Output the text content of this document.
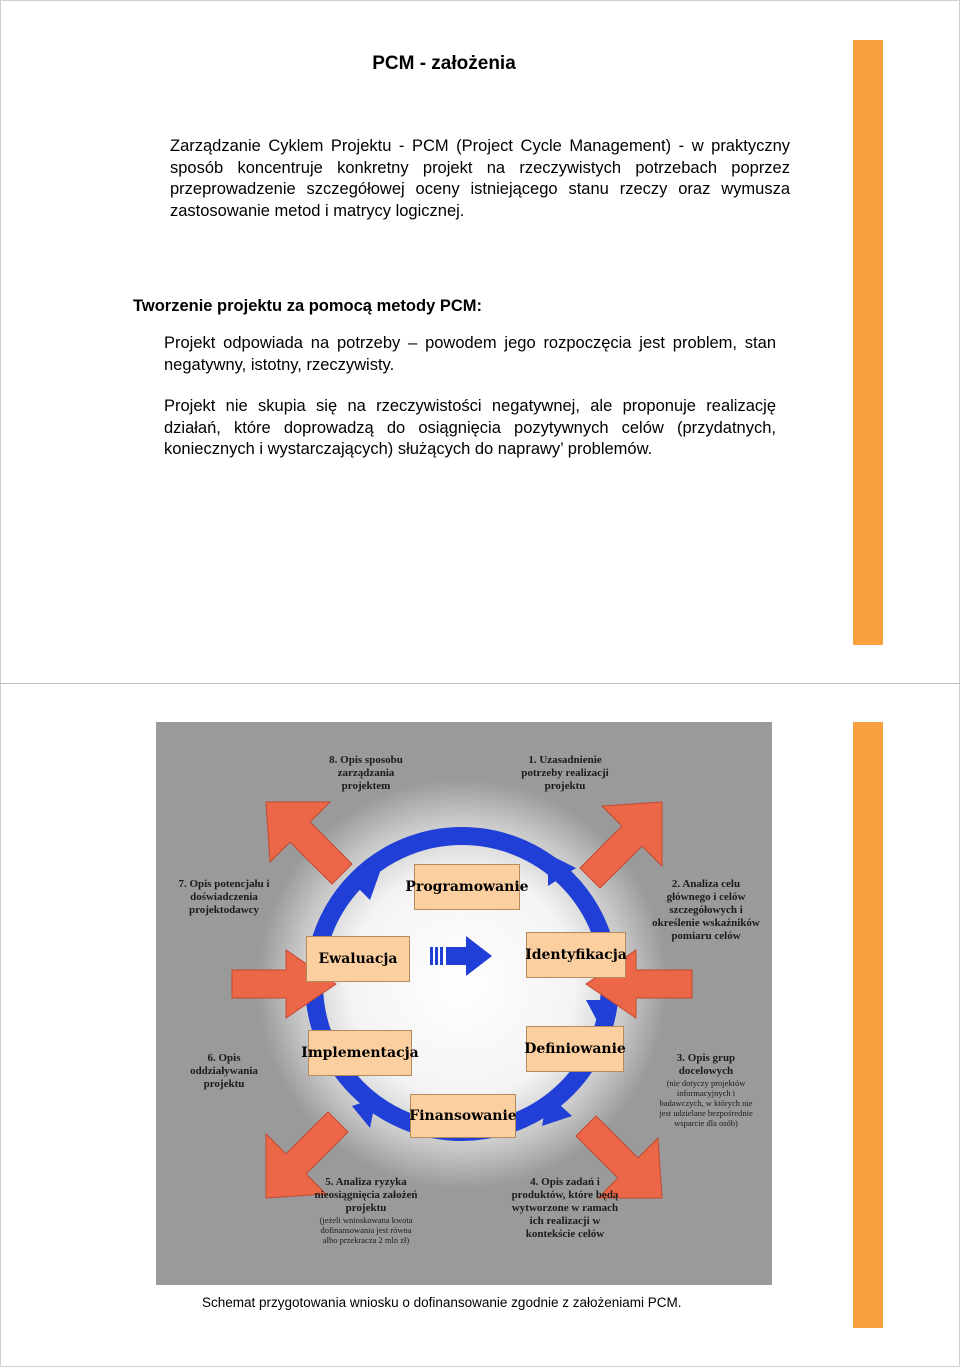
PCM - założenia
Zarządzanie Cyklem Projektu - PCM (Project Cycle Management) - w praktyczny sposób koncentruje konkretny projekt na rzeczywistych potrzebach poprzez przeprowadzenie szczegółowej oceny istniejącego stanu rzeczy oraz wymusza zastosowanie metod i matrycy logicznej.
Tworzenie projektu za pomocą metody PCM:
Projekt odpowiada na potrzeby – powodem jego rozpoczęcia jest problem, stan negatywny, istotny, rzeczywisty.
Projekt nie skupia się na rzeczywistości negatywnej, ale proponuje realizację działań, które doprowadzą do osiągnięcia pozytywnych celów (przydatnych, koniecznych i wystarczających) służących do naprawy’ problemów.
Programowanie
Identyfikacja
Definiowanie
Finansowanie
Implementacja
Ewaluacja
8. Opis sposobu zarządzania projektem
1. Uzasadnienie potrzeby realizacji projektu
2. Analiza celu głównego i celów szczegółowych i określenie wskaźników pomiaru celów
3. Opis grup docelowych
(nie dotyczy projektów informacyjnych i badawczych, w których nie jest udzielane bezpośrednie wsparcie dla osób)
4. Opis zadań i produktów, które będą wytworzone w ramach ich realizacji w kontekście celów
5. Analiza ryzyka nieosiągnięcia założeń projektu
(jeżeli wnioskowana kwota dofinansowania jest równa albo przekracza 2 mln zł)
6. Opis oddziaływania projektu
7. Opis potencjału i doświadczenia projektodawcy
Schemat przygotowania wniosku o dofinansowanie zgodnie z założeniami PCM.
